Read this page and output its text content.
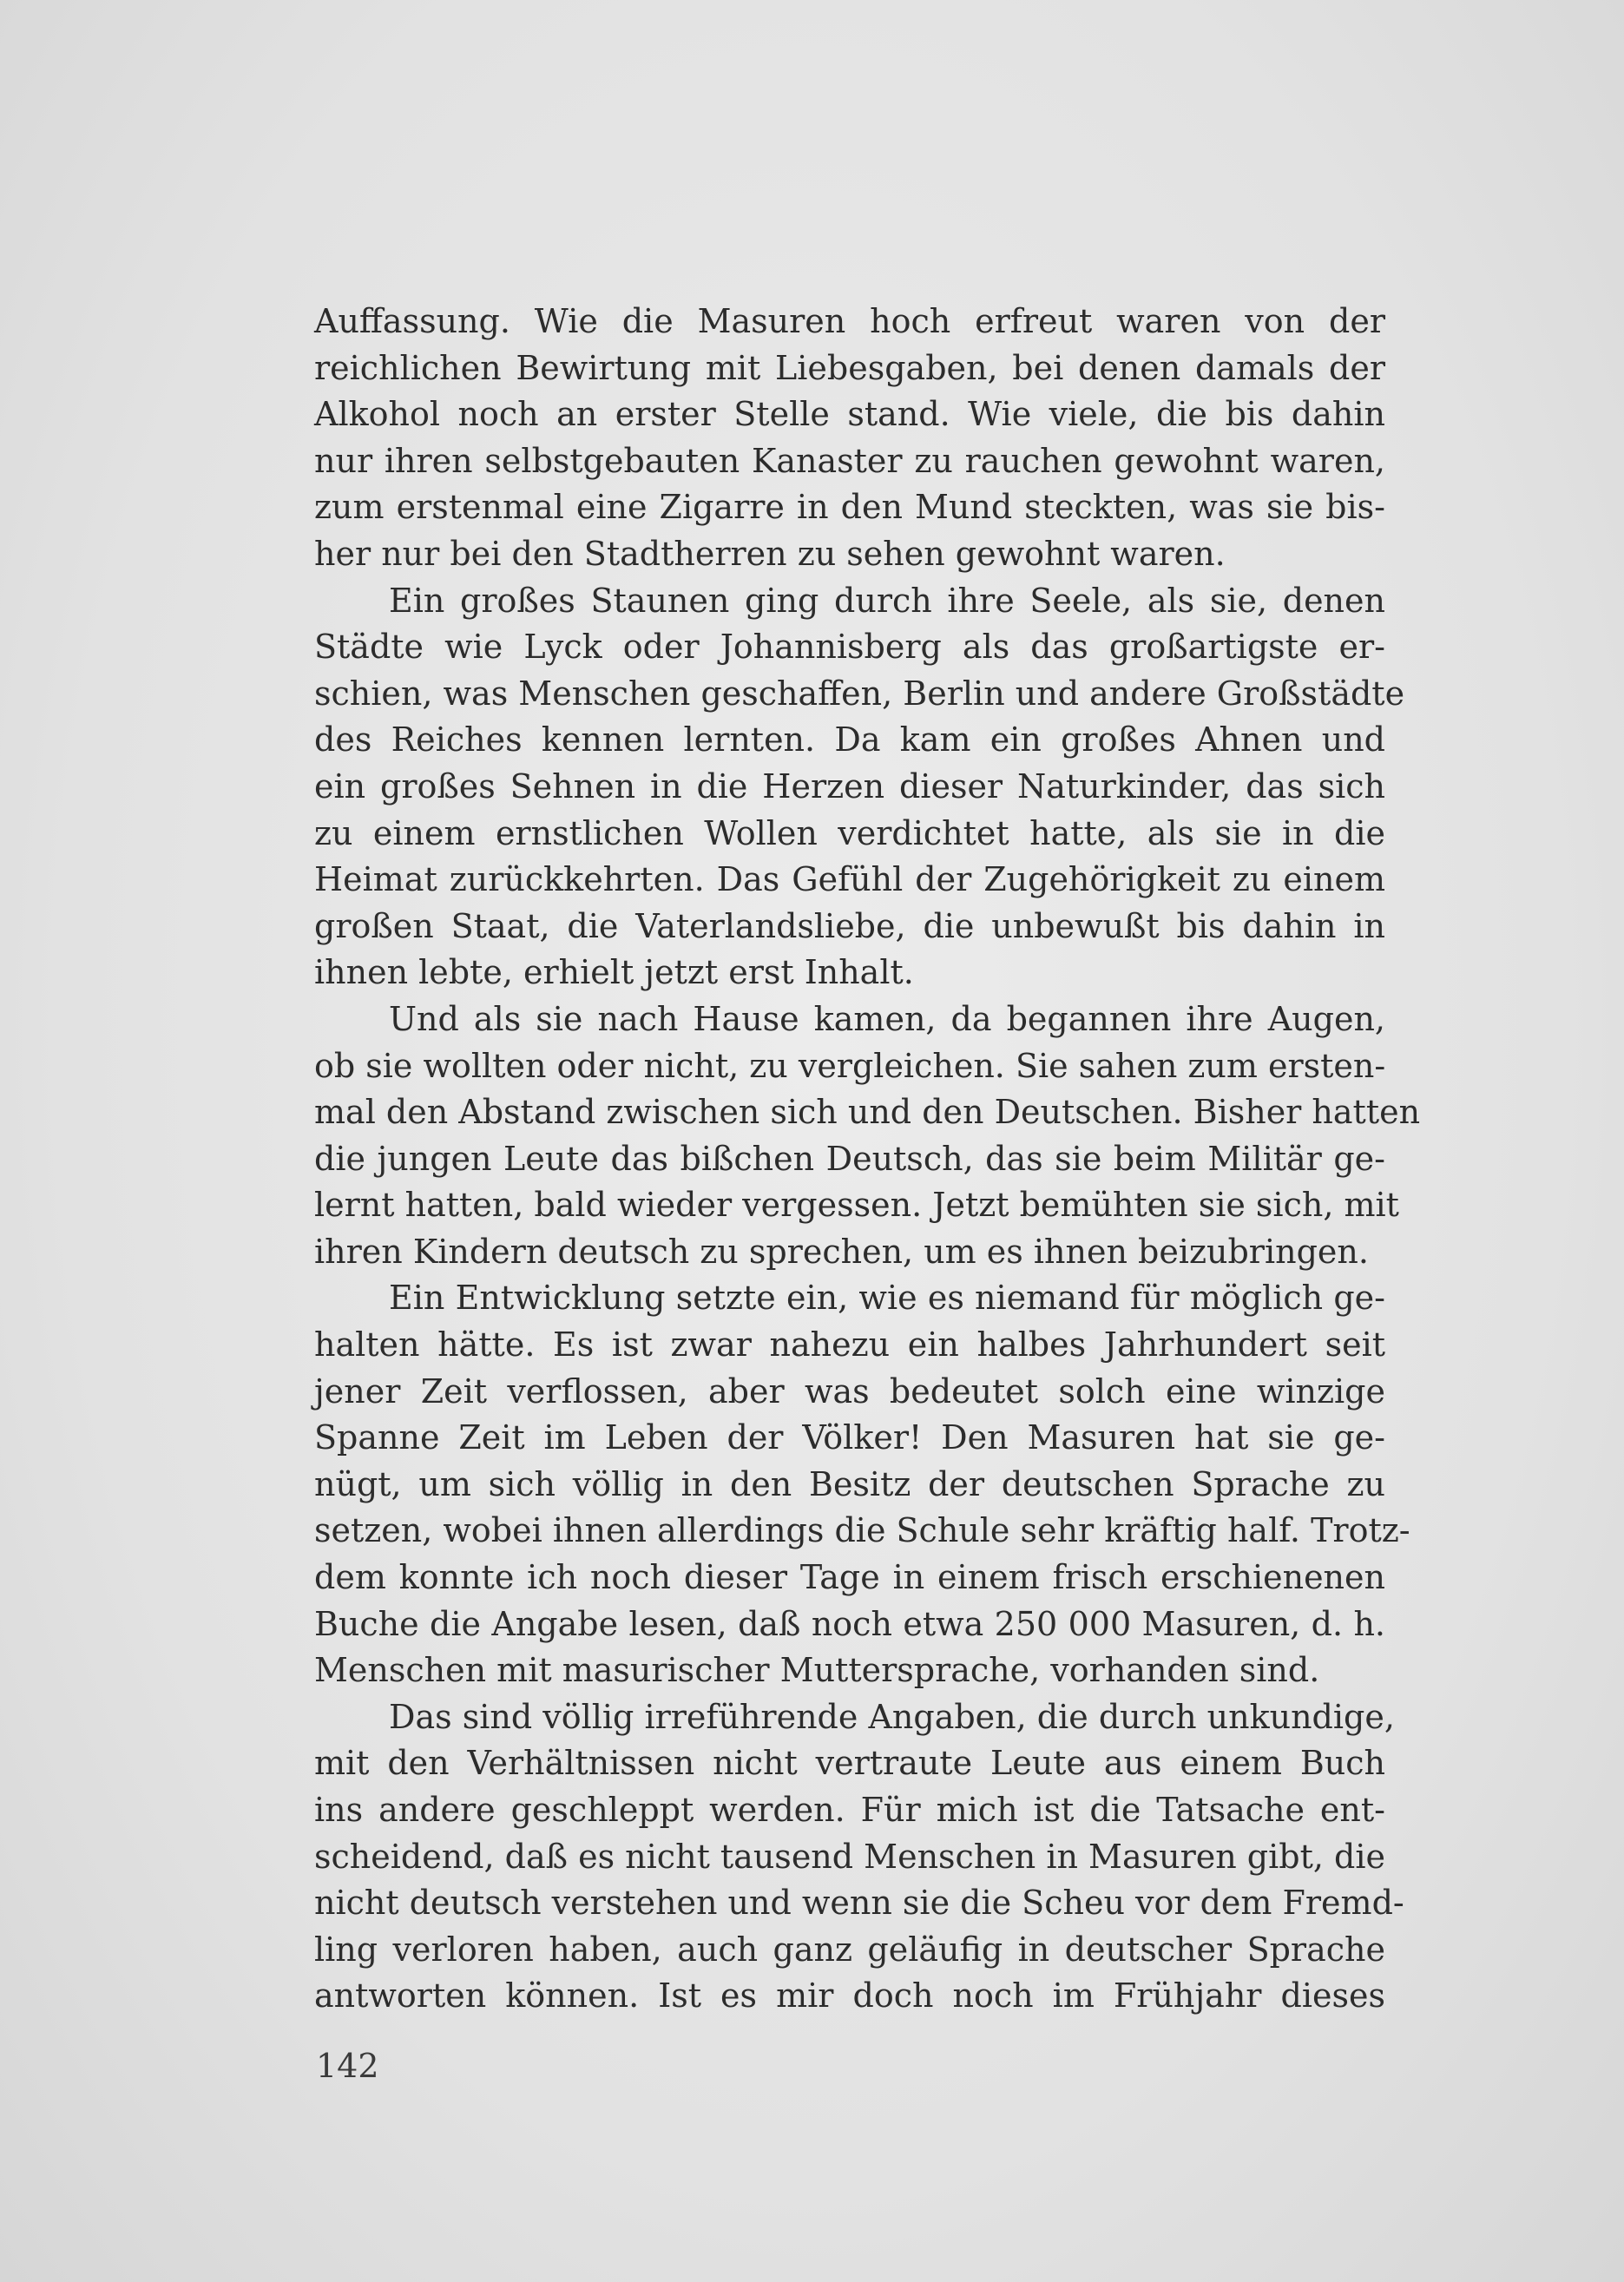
Auffassung. Wie die Masuren hoch erfreut waren von der
reichlichen Bewirtung mit Liebesgaben, bei denen damals der
Alkohol noch an erster Stelle stand. Wie viele, die bis dahin
nur ihren selbstgebauten Kanaster zu rauchen gewohnt waren,
zum erstenmal eine Zigarre in den Mund steckten, was sie bis-
her nur bei den Stadtherren zu sehen gewohnt waren.
Ein großes Staunen ging durch ihre Seele, als sie, denen
Städte wie Lyck oder Johannisberg als das großartigste er-
schien, was Menschen geschaffen, Berlin und andere Großstädte
des Reiches kennen lernten. Da kam ein großes Ahnen und
ein großes Sehnen in die Herzen dieser Naturkinder, das sich
zu einem ernstlichen Wollen verdichtet hatte, als sie in die
Heimat zurückkehrten. Das Gefühl der Zugehörigkeit zu einem
großen Staat, die Vaterlandsliebe, die unbewußt bis dahin in
ihnen lebte, erhielt jetzt erst Inhalt.
Und als sie nach Hause kamen, da begannen ihre Augen,
ob sie wollten oder nicht, zu vergleichen. Sie sahen zum ersten-
mal den Abstand zwischen sich und den Deutschen. Bisher hatten
die jungen Leute das bißchen Deutsch, das sie beim Militär ge-
lernt hatten, bald wieder vergessen. Jetzt bemühten sie sich, mit
ihren Kindern deutsch zu sprechen, um es ihnen beizubringen.
Ein Entwicklung setzte ein, wie es niemand für möglich ge-
halten hätte. Es ist zwar nahezu ein halbes Jahrhundert seit
jener Zeit verflossen, aber was bedeutet solch eine winzige
Spanne Zeit im Leben der Völker! Den Masuren hat sie ge-
nügt, um sich völlig in den Besitz der deutschen Sprache zu
setzen, wobei ihnen allerdings die Schule sehr kräftig half. Trotz-
dem konnte ich noch dieser Tage in einem frisch erschienenen
Buche die Angabe lesen, daß noch etwa 250 000 Masuren, d. h.
Menschen mit masurischer Muttersprache, vorhanden sind.
Das sind völlig irreführende Angaben, die durch unkundige,
mit den Verhältnissen nicht vertraute Leute aus einem Buch
ins andere geschleppt werden. Für mich ist die Tatsache ent-
scheidend, daß es nicht tausend Menschen in Masuren gibt, die
nicht deutsch verstehen und wenn sie die Scheu vor dem Fremd-
ling verloren haben, auch ganz geläufig in deutscher Sprache
antworten können. Ist es mir doch noch im Frühjahr dieses
142
